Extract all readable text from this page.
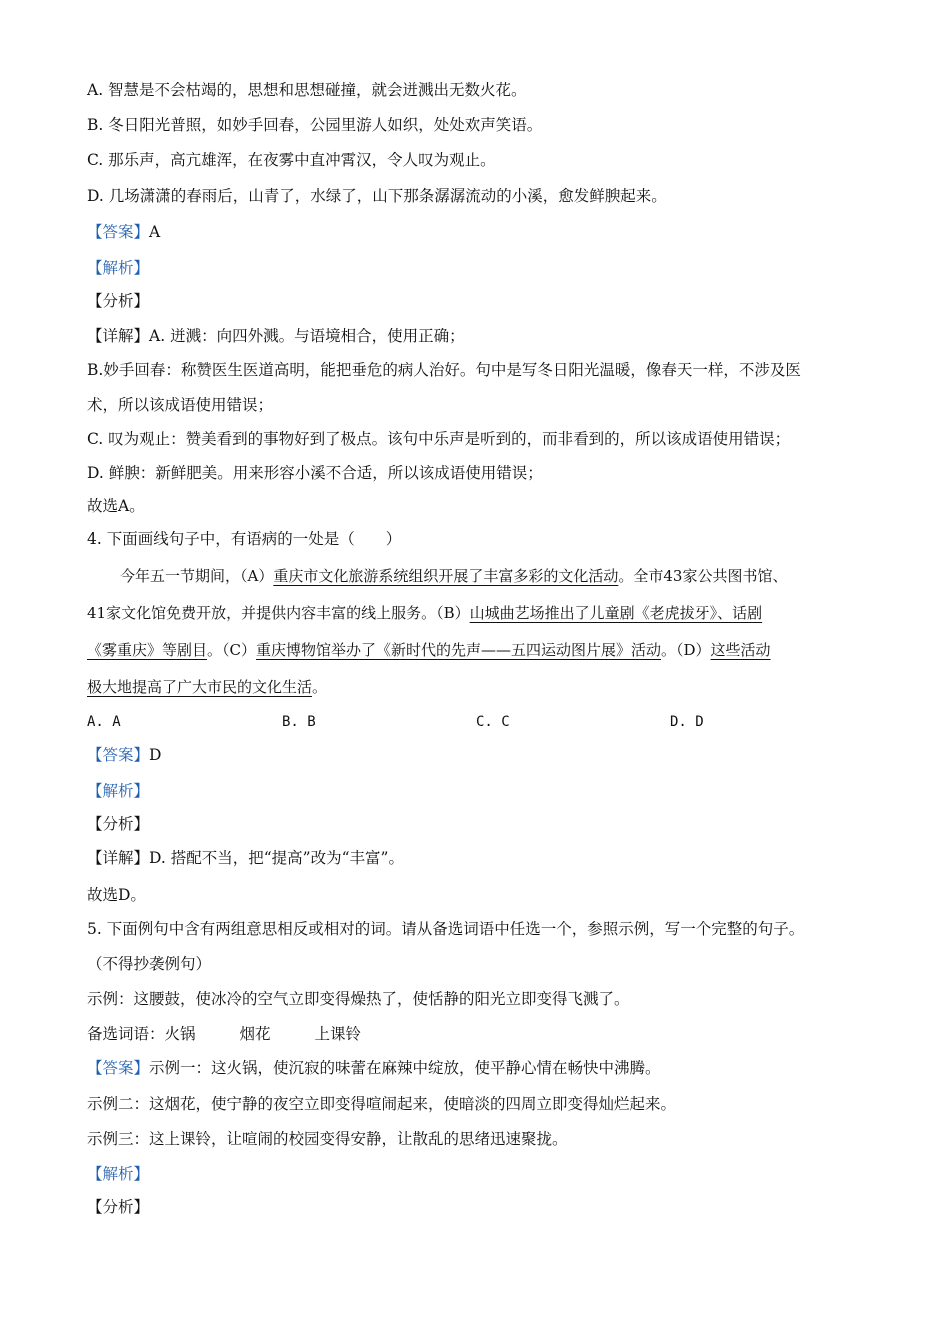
A. 智慧是不会枯竭的，思想和思想碰撞，就会迸溅出无数火花。
B. 冬日阳光普照，如妙手回春，公园里游人如织，处处欢声笑语。
C. 那乐声，高亢雄浑，在夜雾中直冲霄汉，令人叹为观止。
D. 几场潇潇的春雨后，山青了，水绿了，山下那条潺潺流动的小溪，愈发鲜腴起来。
【答案】A
【解析】
【分析】
【详解】A. 迸溅：向四外溅。与语境相合，使用正确；
B.妙手回春：称赞医生医道高明，能把垂危的病人治好。句中是写冬日阳光温暖，像春天一样，不涉及医
术，所以该成语使用错误；
C. 叹为观止：赞美看到的事物好到了极点。该句中乐声是听到的，而非看到的，所以该成语使用错误；
D. 鲜腴：新鲜肥美。用来形容小溪不合适，所以该成语使用错误；
故选A。
4. 下面画线句子中，有语病的一处是（　　）
今年五一节期间，（A）重庆市文化旅游系统组织开展了丰富多彩的文化活动。全市43家公共图书馆、
41家文化馆免费开放，并提供内容丰富的线上服务。（B）山城曲艺场推出了儿童剧《老虎拔牙》、话剧
《雾重庆》等剧目。（C）重庆博物馆举办了《新时代的先声——五四运动图片展》活动。（D）这些活动
极大地提高了广大市民的文化生活。
A. A	B. B	C. C	D. D
【答案】D
【解析】
【分析】
【详解】D. 搭配不当，把“提高”改为“丰富”。
故选D。
5. 下面例句中含有两组意思相反或相对的词。请从备选词语中任选一个，参照示例，写一个完整的句子。
（不得抄袭例句）
示例：这腰鼓，使冰冷的空气立即变得燥热了，使恬静的阳光立即变得飞溅了。
备选词语：火锅	烟花	上课铃
【答案】示例一：这火锅，使沉寂的味蕾在麻辣中绽放，使平静心情在畅快中沸腾。
示例二：这烟花，使宁静的夜空立即变得喧闹起来，使暗淡的四周立即变得灿烂起来。
示例三：这上课铃，让喧闹的校园变得安静，让散乱的思绪迅速聚拢。
【解析】
【分析】
